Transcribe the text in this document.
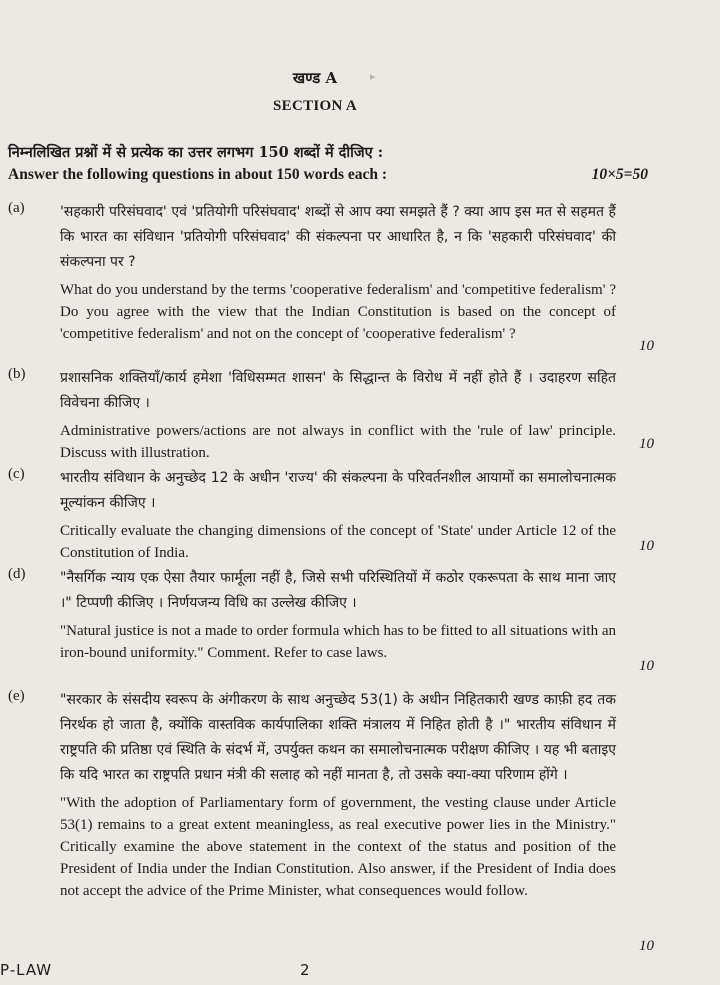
▸
खण्ड A
SECTION A
निम्नलिखित प्रश्नों में से प्रत्येक का उत्तर लगभग 150 शब्दों में दीजिए :
Answer the following questions in about 150 words each :	10×5=50
(a)	'सहकारी परिसंघवाद' एवं 'प्रतियोगी परिसंघवाद' शब्दों से आप क्या समझते हैं ? क्या आप इस मत से सहमत हैं कि भारत का संविधान 'प्रतियोगी परिसंघवाद' की संकल्पना पर आधारित है, न कि 'सहकारी परिसंघवाद' की संकल्पना पर ?
What do you understand by the terms 'cooperative federalism' and 'competitive federalism' ? Do you agree with the view that the Indian Constitution is based on the concept of 'competitive federalism' and not on the concept of 'cooperative federalism' ?
10
(b) प्रशासनिक शक्तियाँ/कार्य हमेशा 'विधिसम्मत शासन' के सिद्धान्त के विरोध में नहीं होते हैं । उदाहरण सहित विवेचना कीजिए ।
Administrative powers/actions are not always in conflict with the 'rule of law' principle. Discuss with illustration.
10
(c)	भारतीय संविधान के अनुच्छेद 12 के अधीन 'राज्य' की संकल्पना के परिवर्तनशील आयामों का समालोचनात्मक मूल्यांकन कीजिए ।
Critically evaluate the changing dimensions of the concept of 'State' under Article 12 of the Constitution of India.	10
(d) "नैसर्गिक न्याय एक ऐसा तैयार फार्मूला नहीं है, जिसे सभी परिस्थितियों में कठोर एकरूपता के साथ माना जाए ।" टिप्पणी कीजिए । निर्णयजन्य विधि का उल्लेख कीजिए ।
"Natural justice is not a made to order formula which has to be fitted to all situations with an iron-bound uniformity." Comment. Refer to case laws.
10
(e)	"सरकार के संसदीय स्वरूप के अंगीकरण के साथ अनुच्छेद 53(1) के अधीन निहितकारी खण्ड काफ़ी हद तक निरर्थक हो जाता है, क्योंकि वास्तविक कार्यपालिका शक्ति मंत्रालय में निहित होती है ।" भारतीय संविधान में राष्ट्रपति की प्रतिष्ठा एवं स्थिति के संदर्भ में, उपर्युक्त कथन का समालोचनात्मक परीक्षण कीजिए । यह भी बताइए कि यदि भारत का राष्ट्रपति प्रधान मंत्री की सलाह को नहीं मानता है, तो उसके क्या-क्या परिणाम होंगे ।
"With the adoption of Parliamentary form of government, the vesting clause under Article 53(1) remains to a great extent meaningless, as real executive power lies in the Ministry." Critically examine the above statement in the context of the status and position of the President of India under the Indian Constitution. Also answer, if the President of India does not accept the advice of the Prime Minister, what consequences would follow.
10
P-LAW	2
